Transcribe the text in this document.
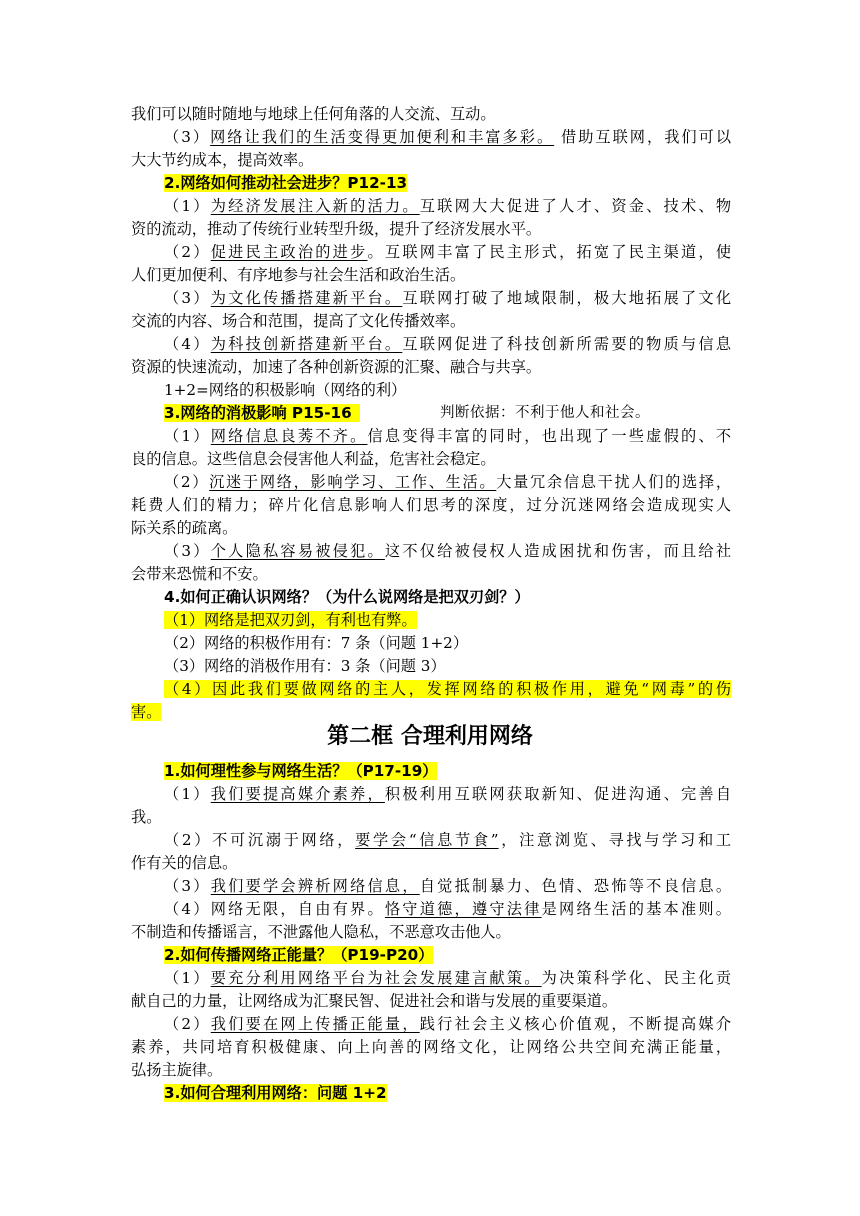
我们可以随时随地与地球上任何角落的人交流、互动。
（3）网络让我们的生活变得更加便利和丰富多彩。 借助互联网，我们可以
大大节约成本，提高效率。
2.网络如何推动社会进步？P12-13
（1）为经济发展注入新的活力。互联网大大促进了人才、资金、技术、物
资的流动，推动了传统行业转型升级，提升了经济发展水平。
（2）促进民主政治的进步。互联网丰富了民主形式，拓宽了民主渠道，使
人们更加便利、有序地参与社会生活和政治生活。
（3）为文化传播搭建新平台。互联网打破了地域限制，极大地拓展了文化
交流的内容、场合和范围，提高了文化传播效率。
（4）为科技创新搭建新平台。互联网促进了科技创新所需要的物质与信息
资源的快速流动，加速了各种创新资源的汇聚、融合与共享。
1+2=网络的积极影响（网络的利）
3.网络的消极影响 P15-16	判断依据：不利于他人和社会。
（1）网络信息良莠不齐。信息变得丰富的同时，也出现了一些虚假的、不
良的信息。这些信息会侵害他人利益，危害社会稳定。
（2）沉迷于网络，影响学习、工作、生活。大量冗余信息干扰人们的选择，
耗费人们的精力；碎片化信息影响人们思考的深度，过分沉迷网络会造成现实人
际关系的疏离。
（3）个人隐私容易被侵犯。这不仅给被侵权人造成困扰和伤害，而且给社
会带来恐慌和不安。
4.如何正确认识网络？（为什么说网络是把双刃剑？）
（1）网络是把双刃剑，有利也有弊。
（2）网络的积极作用有：7 条（问题 1+2）
（3）网络的消极作用有：3 条（问题 3）
（4）因此我们要做网络的主人，发挥网络的积极作用，避免“网毒”的伤
害。
第二框 合理利用网络
1.如何理性参与网络生活？（P17-19）
（1）我们要提高媒介素养，积极利用互联网获取新知、促进沟通、完善自
我。
（2）不可沉溺于网络，要学会“信息节食”，注意浏览、寻找与学习和工
作有关的信息。
（3）我们要学会辨析网络信息，自觉抵制暴力、色情、恐怖等不良信息。
（4）网络无限，自由有界。恪守道德，遵守法律是网络生活的基本准则。
不制造和传播谣言，不泄露他人隐私，不恶意攻击他人。
2.如何传播网络正能量？（P19-P20）
（1）要充分利用网络平台为社会发展建言献策。为决策科学化、民主化贡
献自己的力量，让网络成为汇聚民智、促进社会和谐与发展的重要渠道。
（2）我们要在网上传播正能量，践行社会主义核心价值观，不断提高媒介
素养，共同培育积极健康、向上向善的网络文化，让网络公共空间充满正能量，
弘扬主旋律。
3.如何合理利用网络：问题 1+2
